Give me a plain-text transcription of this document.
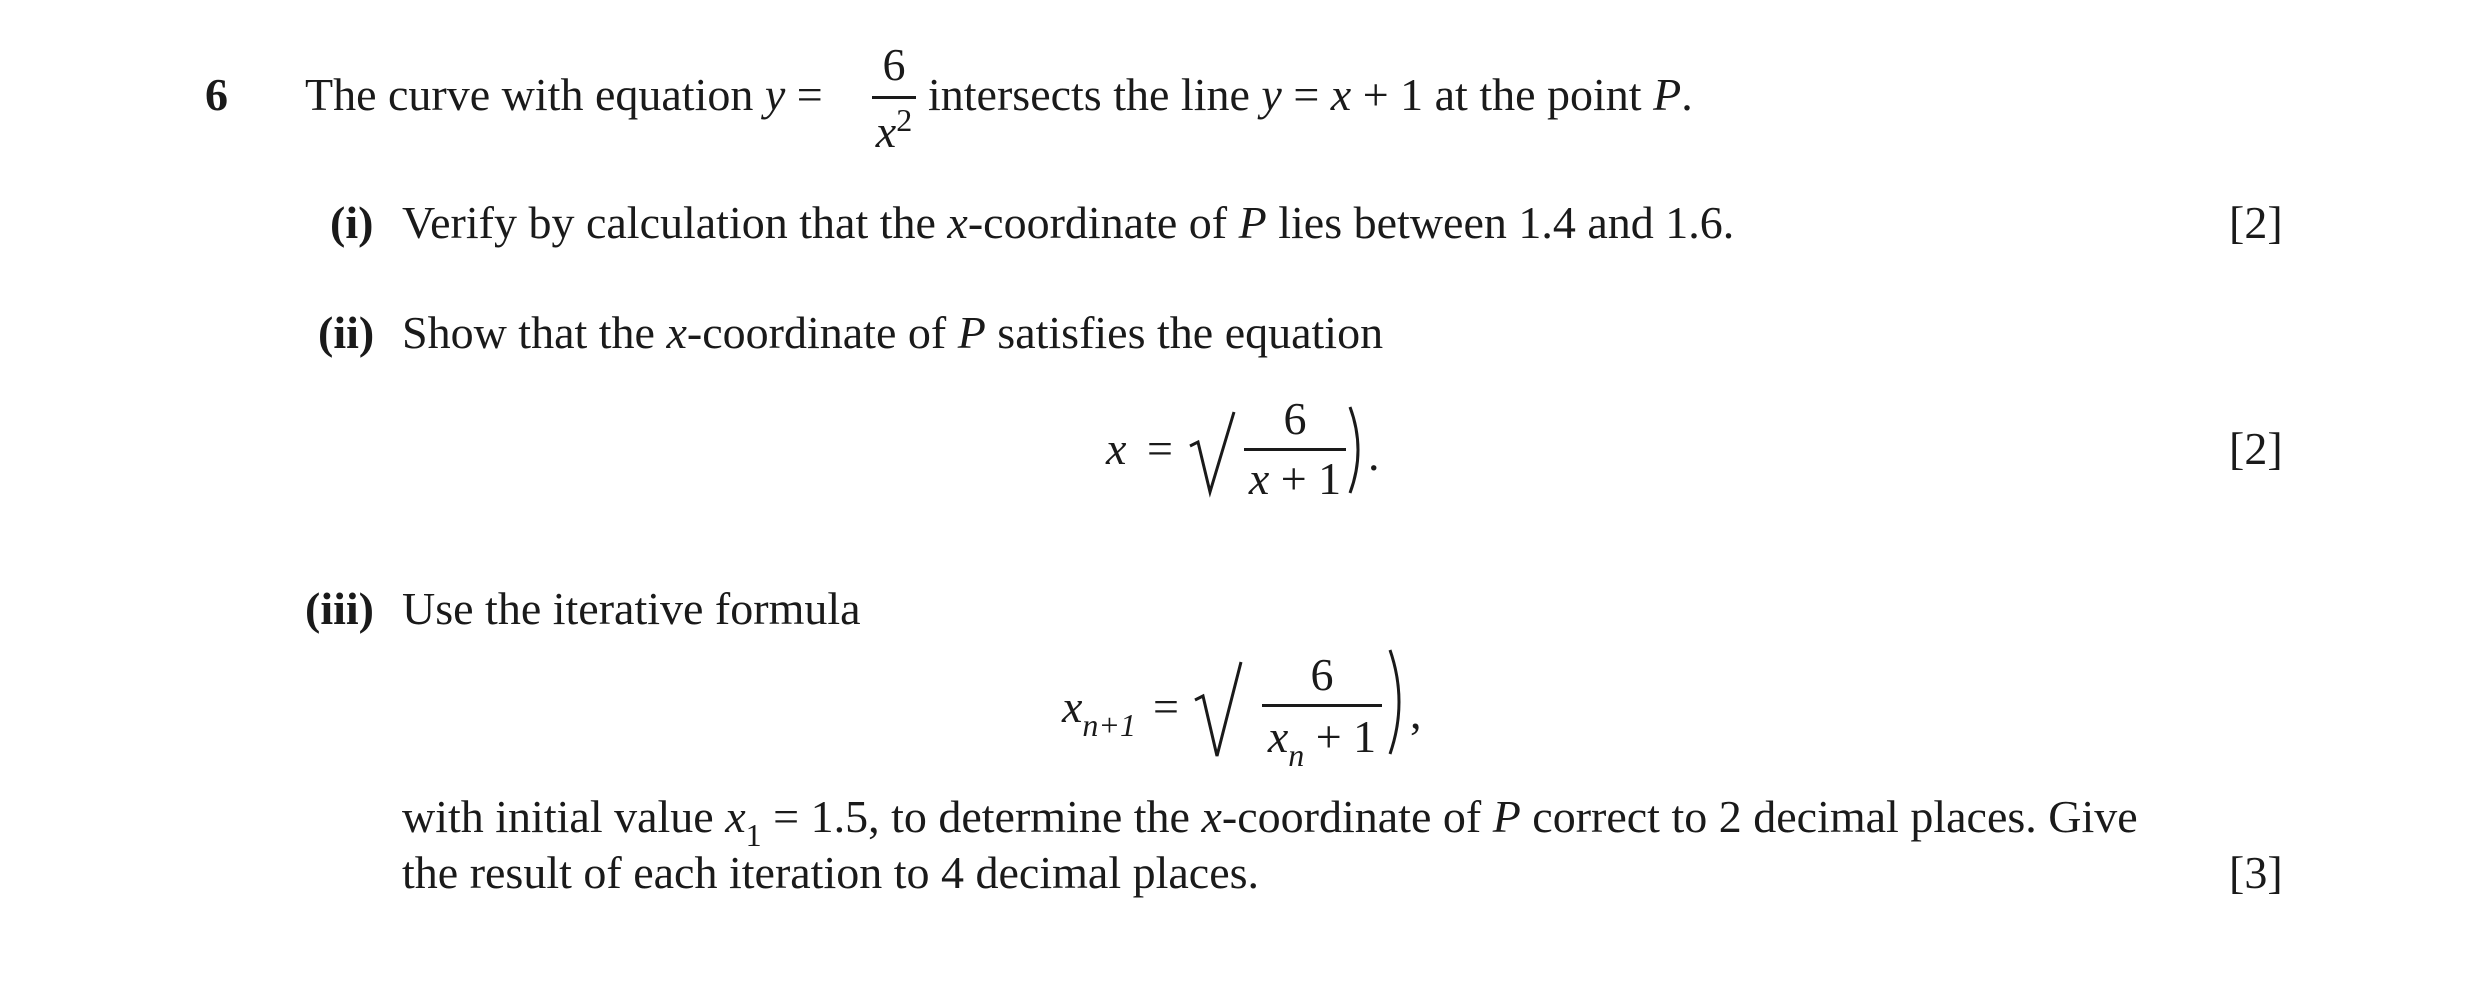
6 The curve with equation y =
6
$x^2$ intersects the line y = x + 1 at the point P.
(i) Verify by calculation that the x-coordinate of P lies between 1.4 and 1.6.	[2]
(ii) Show that the x-coordinate of P satisfies the equation
x =
6
x + 1 .	[2]
(iii) Use the iterative formula
$x_{n+1}$ =
6
$x_n + 1$ ,
with initial value $x_1 = 1.5$, to determine the x-coordinate of P correct to 2 decimal places. Give
the result of each iteration to 4 decimal places.	[3]
